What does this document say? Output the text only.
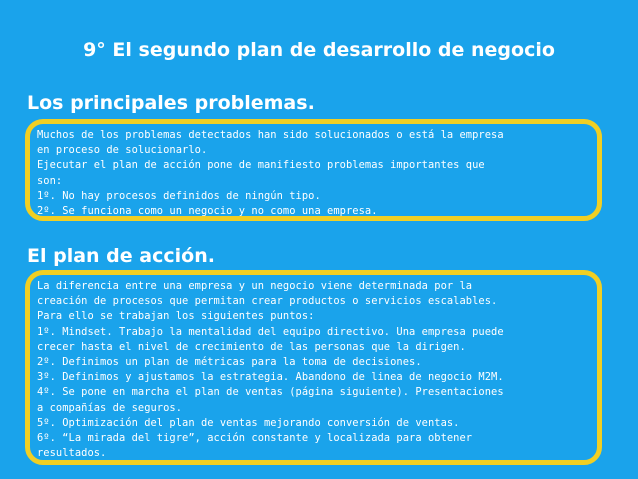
9° El segundo plan de desarrollo de negocio
Los principales problemas.
Muchos de los problemas detectados han sido solucionados o está la empresa
en proceso de solucionarlo.
Ejecutar el plan de acción pone de manifiesto problemas importantes que
son:
1º. No hay procesos definidos de ningún tipo.
2º. Se funciona como un negocio y no como una empresa.
El plan de acción.
La diferencia entre una empresa y un negocio viene determinada por la
creación de procesos que permitan crear productos o servicios escalables.
Para ello se trabajan los siguientes puntos:
1º. Mindset. Trabajo la mentalidad del equipo directivo. Una empresa puede
crecer hasta el nivel de crecimiento de las personas que la dirigen.
2º. Definimos un plan de métricas para la toma de decisiones.
3º. Definimos y ajustamos la estrategia. Abandono de linea de negocio M2M.
4º. Se pone en marcha el plan de ventas (página siguiente). Presentaciones
a compañías de seguros.
5º. Optimización del plan de ventas mejorando conversión de ventas.
6º. “La mirada del tigre”, acción constante y localizada para obtener
resultados.
